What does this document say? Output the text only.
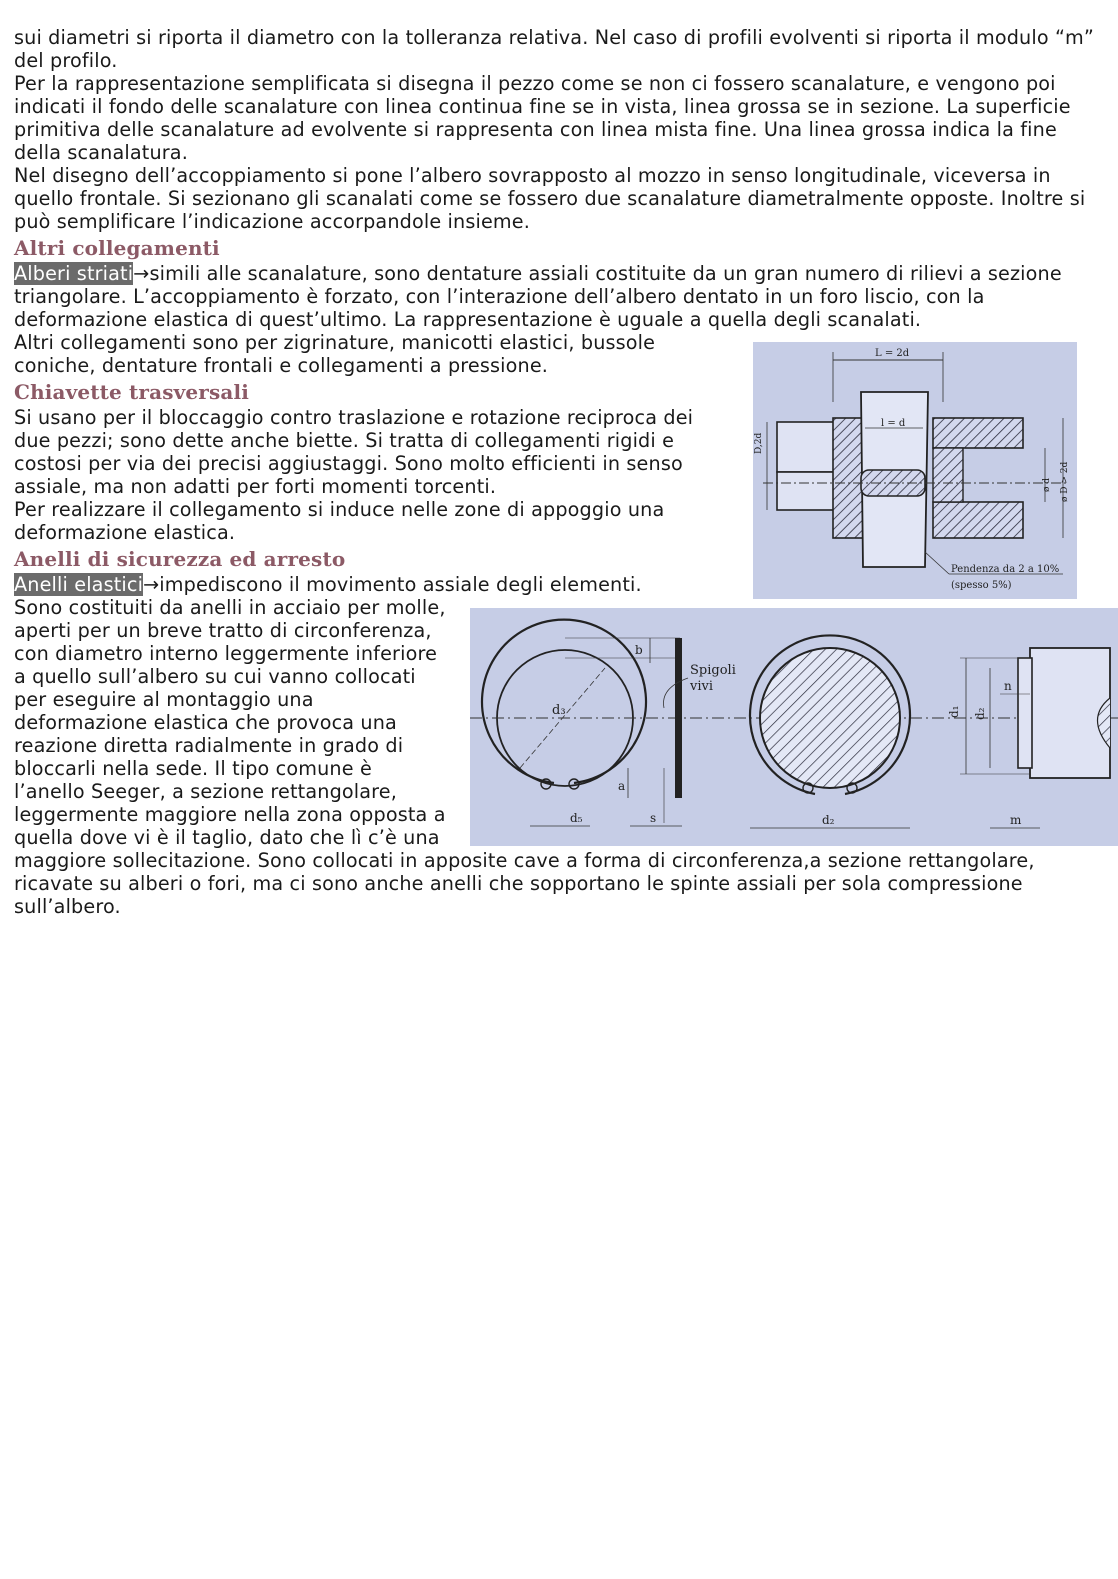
sui diametri si riporta il diametro con la tolleranza relativa. Nel caso di profili evolventi si riporta il modulo “m” del profilo.

Per la rappresentazione semplificata si disegna il pezzo come se non ci fossero scanalature, e vengono poi indicati il fondo delle scanalature con linea continua fine se in vista, linea grossa se in sezione. La superficie primitiva delle scanalature ad evolvente si rappresenta con linea mista fine. Una linea grossa indica la fine della scanalatura.

Nel disegno dell’accoppiamento si pone l’albero sovrapposto al mozzo in senso longitudinale, viceversa in quello frontale. Si sezionano gli scanalati come se fossero due scanalature diametralmente opposte. Inoltre si può semplificare l’indicazione accorpandole insieme.

Altri collegamenti

Alberi striati→simili alle scanalature, sono dentature assiali costituite da un gran numero di rilievi a sezione triangolare. L’accoppiamento è forzato, con l’interazione dell’albero dentato in un foro liscio, con la deformazione elastica di quest’ultimo. La rappresentazione è uguale a quella degli scanalati.

L = 2d
l = d
D,2d
ø d ø D > 2d
Pendenza da 2 a 10%
(spesso 5%)

Altri collegamenti sono per zigrinature, manicotti elastici, bussole coniche, dentature frontali e collegamenti a pressione.

Chiavette trasversali

Si usano per il bloccaggio contro traslazione e rotazione reciproca dei due pezzi; sono dette anche biette. Si tratta di collegamenti rigidi e costosi per via dei precisi aggiustaggi. Sono molto efficienti in senso assiale, ma non adatti per forti momenti torcenti.

Per realizzare il collegamento si induce nelle zone di appoggio una deformazione elastica.

Anelli di sicurezza ed arresto
d₃
b
a
d₅	s
Spigoli
vivi
d₂
d₁ d₂
n
m

Anelli elastici→impediscono il movimento assiale degli elementi.

Sono costituiti da anelli in acciaio per molle, aperti per un breve tratto di circonferenza, con diametro interno leggermente inferiore a quello sull’albero su cui vanno collocati per eseguire al montaggio una deformazione elastica che provoca una reazione diretta radialmente in grado di bloccarli nella sede. Il tipo comune è l’anello Seeger, a sezione rettangolare, leggermente maggiore nella zona opposta a quella dove vi è il taglio, dato che lì c’è una maggiore sollecitazione. Sono collocati in apposite cave a forma di circonferenza,a sezione rettangolare, ricavate su alberi o fori, ma ci sono anche anelli che sopportano le spinte assiali per sola compressione sull’albero.
